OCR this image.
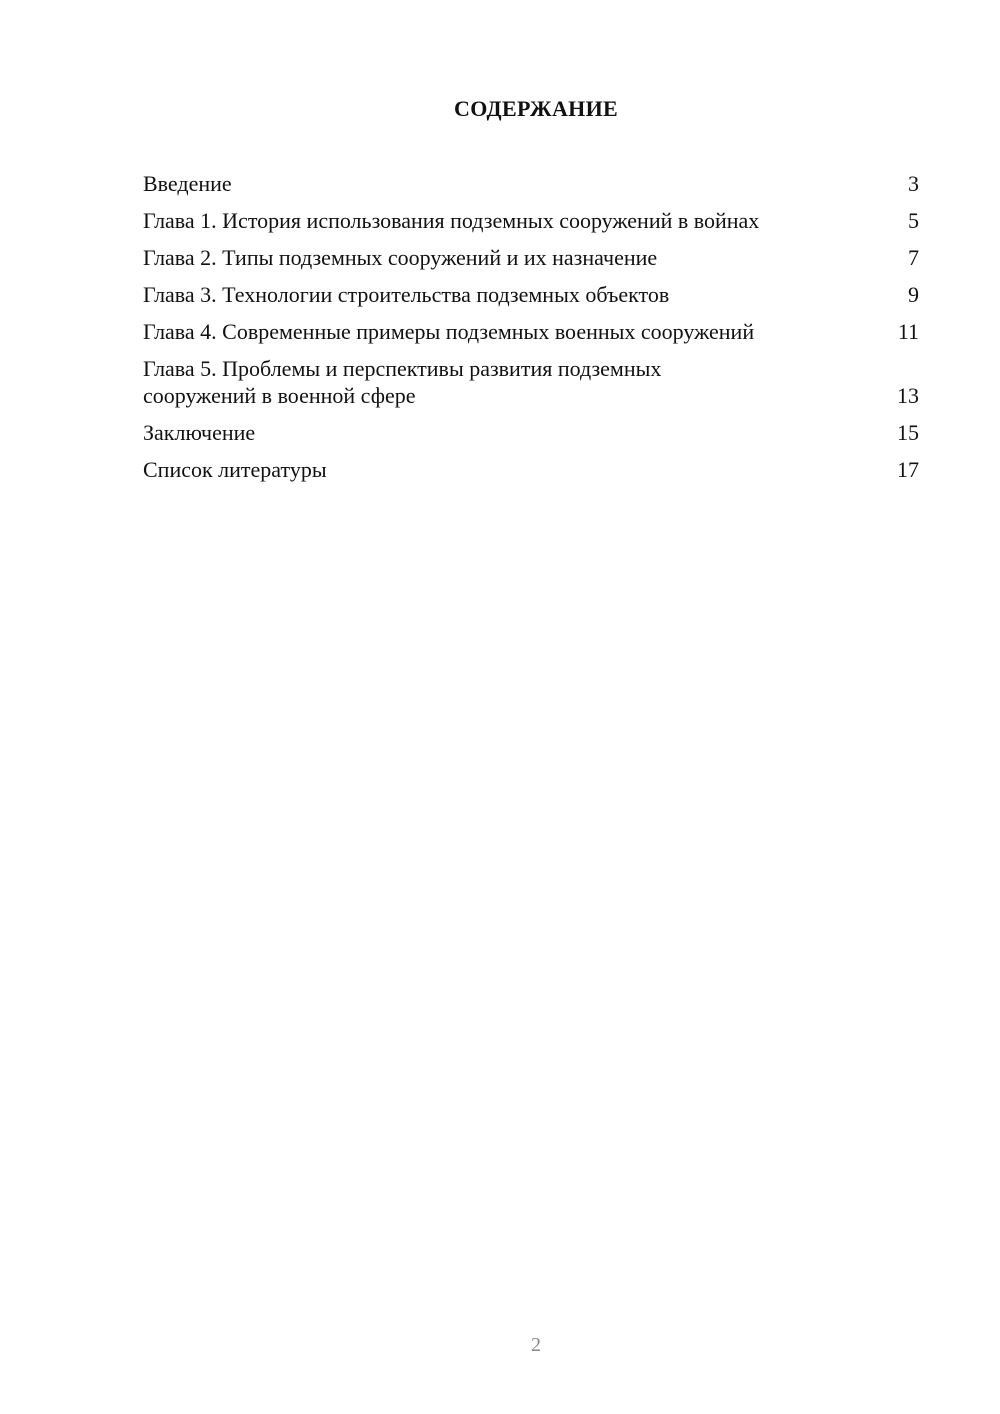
СОДЕРЖАНИЕ
Введение	3
Глава 1. История использования подземных сооружений в войнах	5
Глава 2. Типы подземных сооружений и их назначение	7
Глава 3. Технологии строительства подземных объектов	9
Глава 4. Современные примеры подземных военных сооружений	11
Глава 5. Проблемы и перспективы развития подземных сооружений в военной сфере	13
Заключение	15
Список литературы	17
2
